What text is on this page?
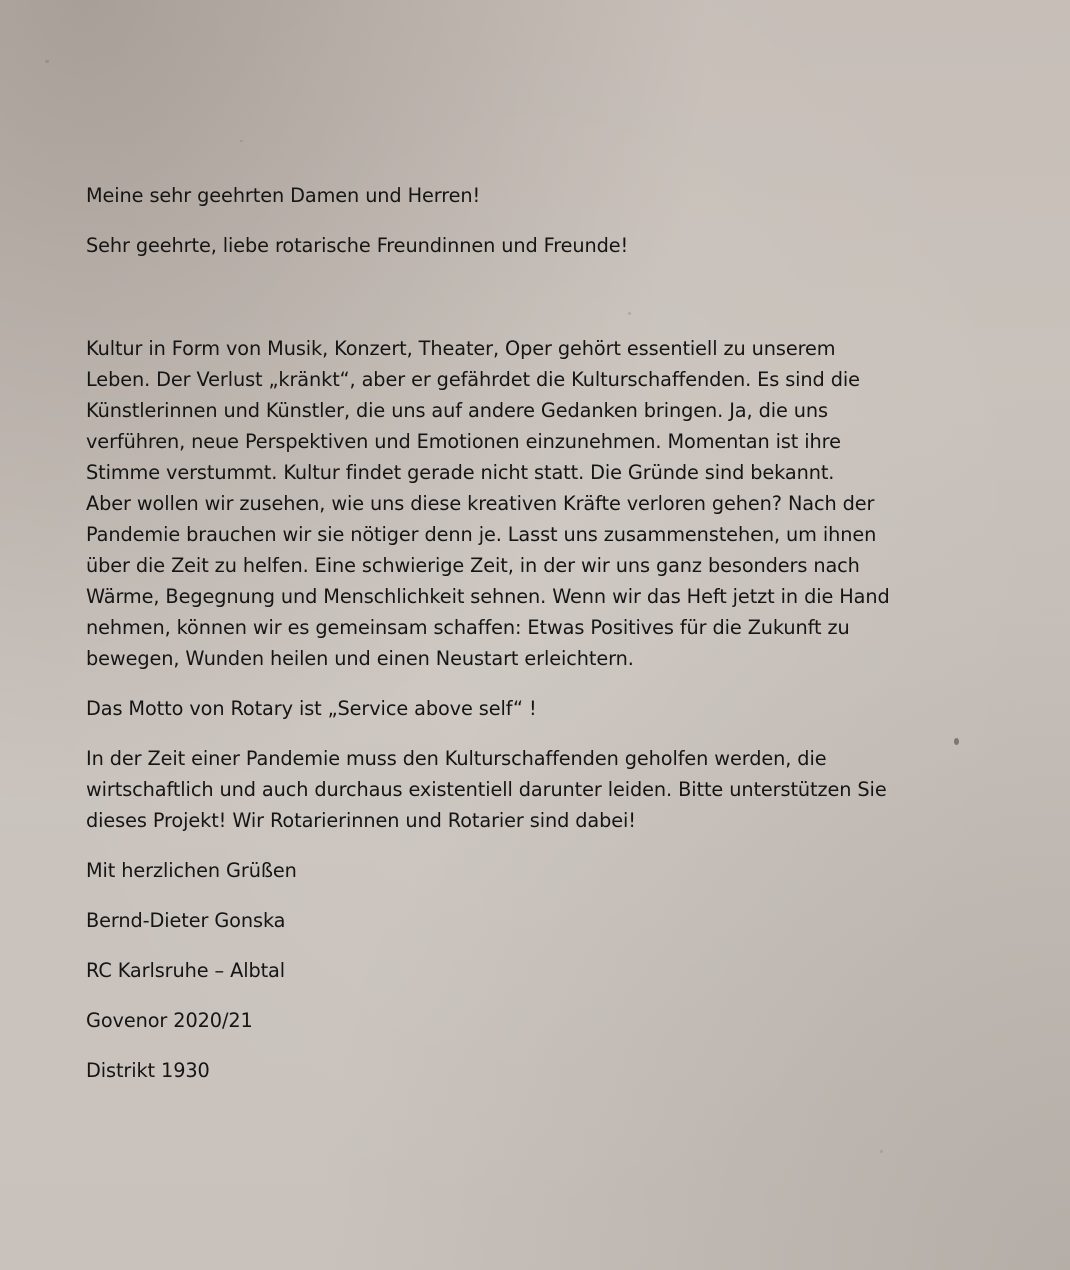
Meine sehr geehrten Damen und Herren!

Sehr geehrte, liebe rotarische Freundinnen und Freunde!

Kultur in Form von Musik, Konzert, Theater, Oper gehört essentiell zu unserem
Leben. Der Verlust „kränkt“, aber er gefährdet die Kulturschaffenden. Es sind die
Künstlerinnen und Künstler, die uns auf andere Gedanken bringen. Ja, die uns
verführen, neue Perspektiven und Emotionen einzunehmen. Momentan ist ihre
Stimme verstummt. Kultur findet gerade nicht statt. Die Gründe sind bekannt.
Aber wollen wir zusehen, wie uns diese kreativen Kräfte verloren gehen? Nach der
Pandemie brauchen wir sie nötiger denn je. Lasst uns zusammenstehen, um ihnen
über die Zeit zu helfen. Eine schwierige Zeit, in der wir uns ganz besonders nach
Wärme, Begegnung und Menschlichkeit sehnen. Wenn wir das Heft jetzt in die Hand
nehmen, können wir es gemeinsam schaffen: Etwas Positives für die Zukunft zu
bewegen, Wunden heilen und einen Neustart erleichtern.

Das Motto von Rotary ist „Service above self“ !

In der Zeit einer Pandemie muss den Kulturschaffenden geholfen werden, die
wirtschaftlich und auch durchaus existentiell darunter leiden. Bitte unterstützen Sie
dieses Projekt! Wir Rotarierinnen und Rotarier sind dabei!

Mit herzlichen Grüßen

Bernd-Dieter Gonska

RC Karlsruhe – Albtal

Govenor 2020/21

Distrikt 1930
